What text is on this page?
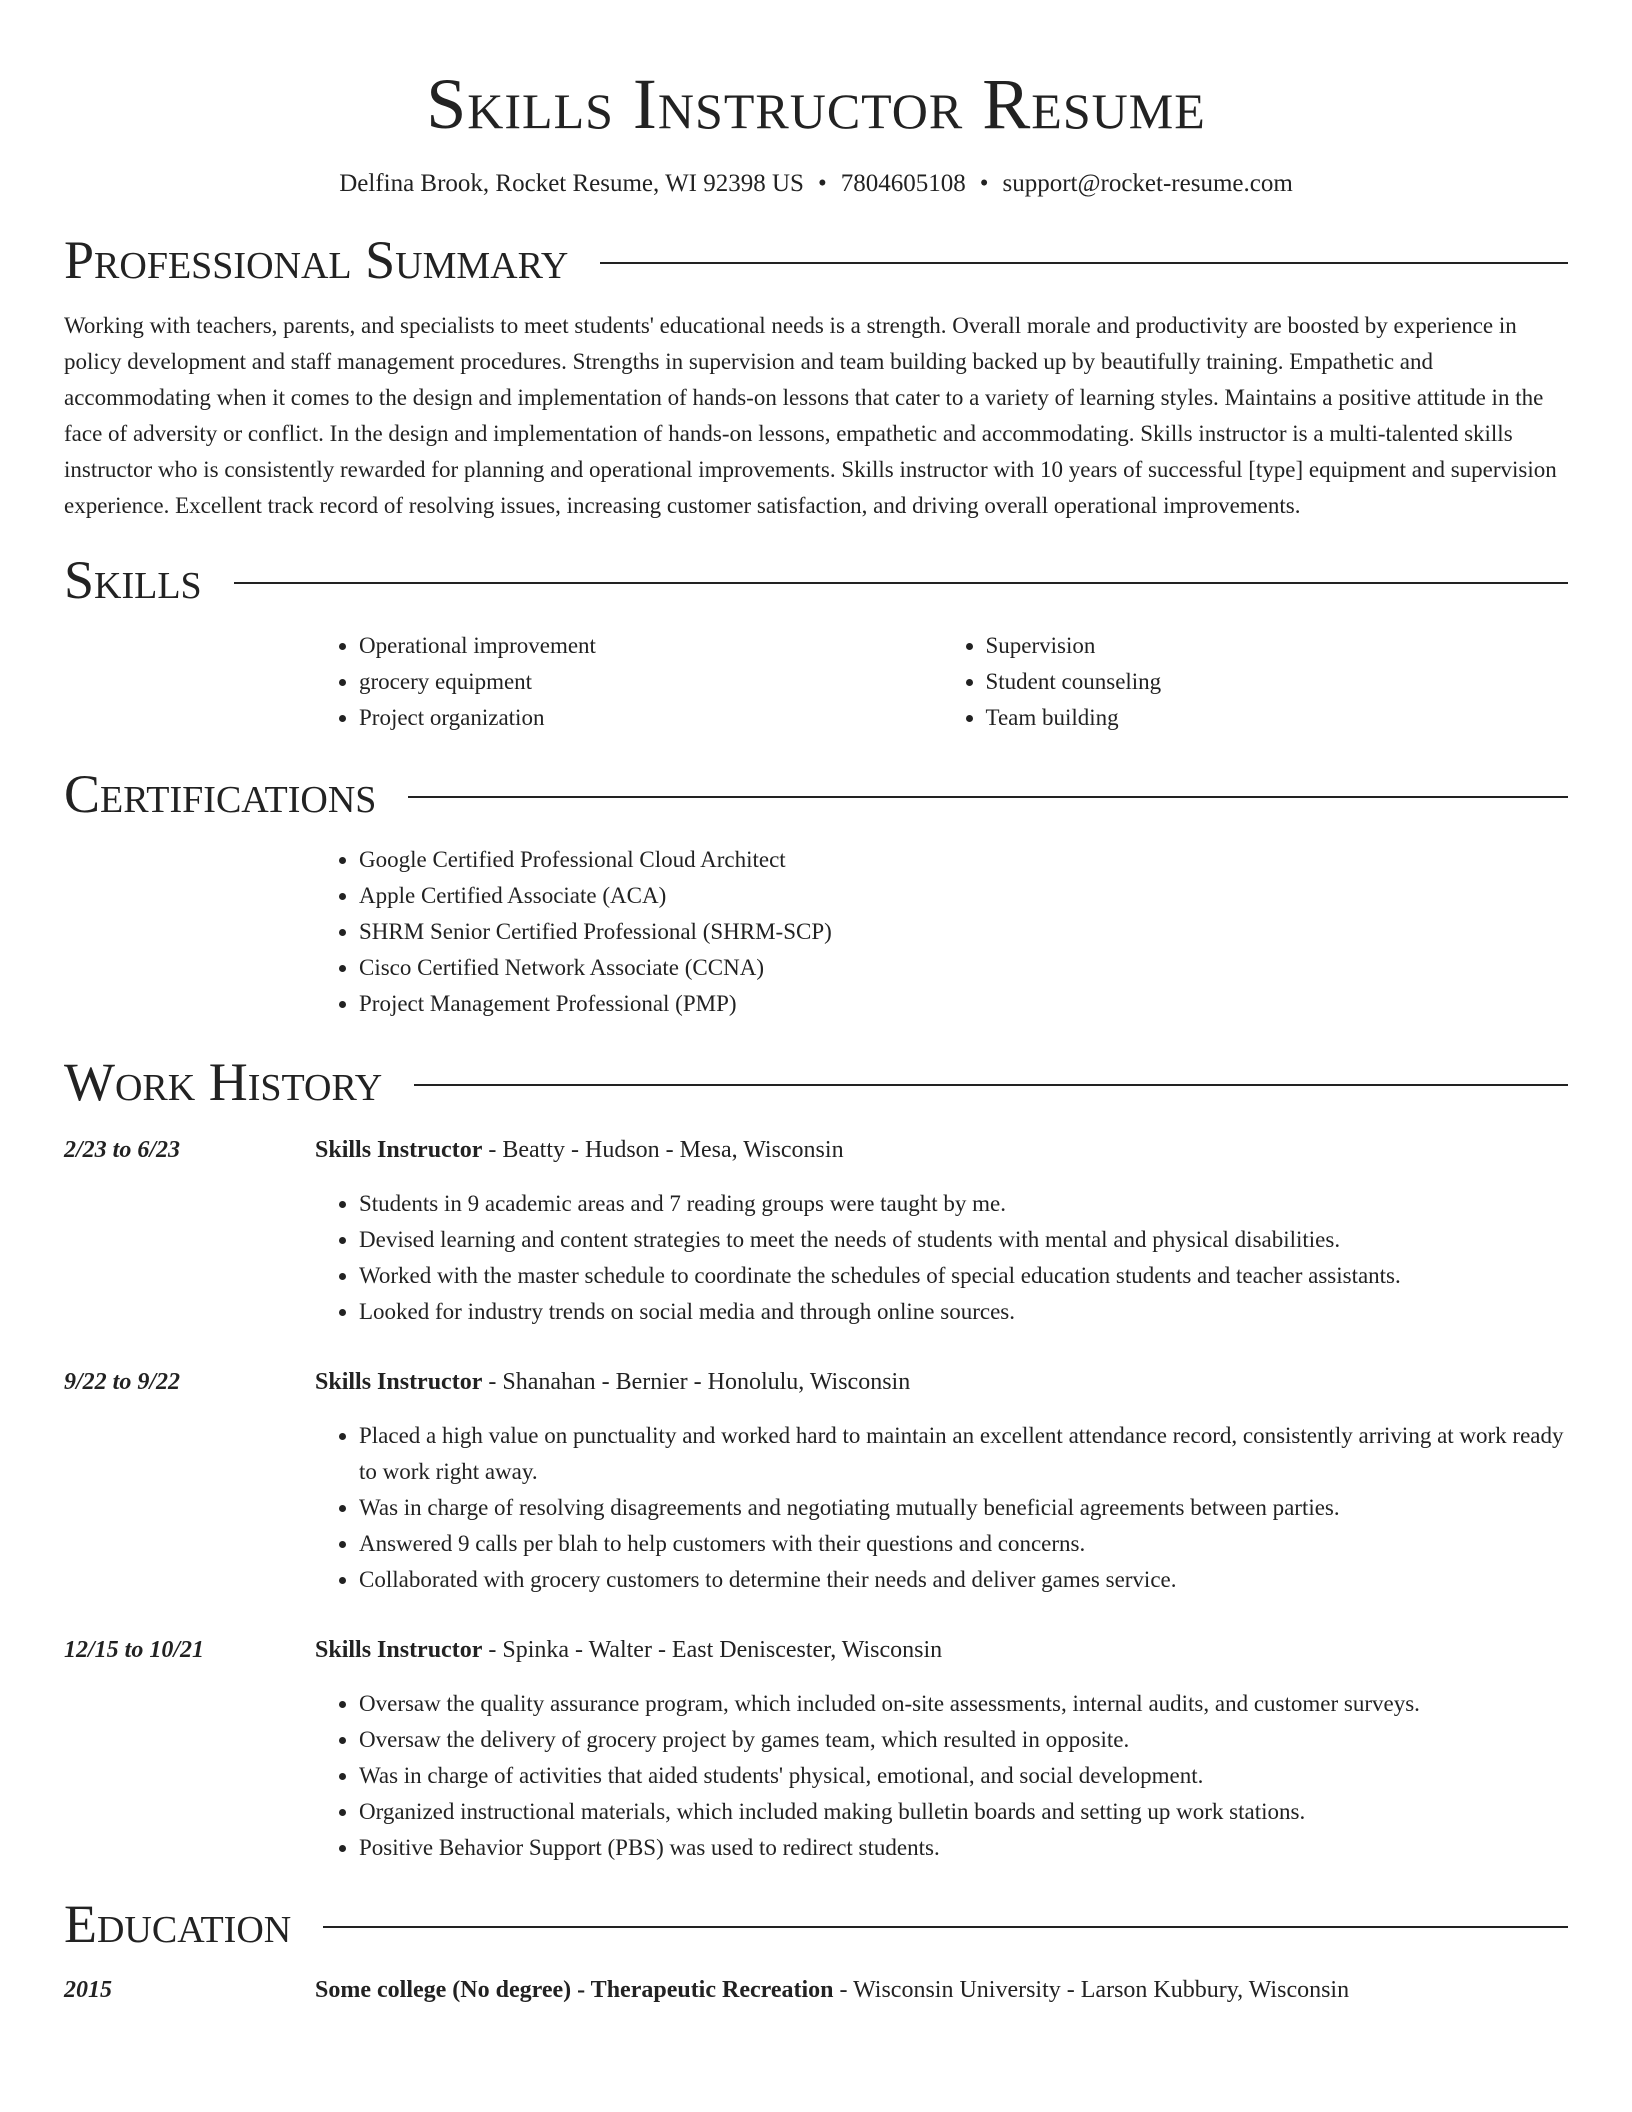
Skills Instructor Resume
Delfina Brook, Rocket Resume, WI 92398 US • 7804605108 • support@rocket-resume.com
Professional Summary

Working with teachers, parents, and specialists to meet students' educational needs is a strength. Overall morale and productivity are boosted by experience in policy development and staff management procedures. Strengths in supervision and team building backed up by beautifully training. Empathetic and accommodating when it comes to the design and implementation of hands-on lessons that cater to a variety of learning styles. Maintains a positive attitude in the face of adversity or conflict. In the design and implementation of hands-on lessons, empathetic and accommodating. Skills instructor is a multi-talented skills instructor who is consistently rewarded for planning and operational improvements. Skills instructor with 10 years of successful [type] equipment and supervision experience. Excellent track record of resolving issues, increasing customer satisfaction, and driving overall operational improvements.

Skills
• Operational improvement
• grocery equipment
• Project organization
• Supervision
• Student counseling
• Team building
Certifications
• Google Certified Professional Cloud Architect
• Apple Certified Associate (ACA)
• SHRM Senior Certified Professional (SHRM-SCP)
• Cisco Certified Network Associate (CCNA)
• Project Management Professional (PMP)
Work History
2/23 to 6/23	Skills Instructor - Beatty - Hudson - Mesa, Wisconsin
• Students in 9 academic areas and 7 reading groups were taught by me.
• Devised learning and content strategies to meet the needs of students with mental and physical disabilities.
• Worked with the master schedule to coordinate the schedules of special education students and teacher assistants.
• Looked for industry trends on social media and through online sources.
9/22 to 9/22	Skills Instructor - Shanahan - Bernier - Honolulu, Wisconsin
• Placed a high value on punctuality and worked hard to maintain an excellent attendance record, consistently arriving at work ready to work right away.
• Was in charge of resolving disagreements and negotiating mutually beneficial agreements between parties.
• Answered 9 calls per blah to help customers with their questions and concerns.
• Collaborated with grocery customers to determine their needs and deliver games service.
12/15 to 10/21	Skills Instructor - Spinka - Walter - East Deniscester, Wisconsin
• Oversaw the quality assurance program, which included on-site assessments, internal audits, and customer surveys.
• Oversaw the delivery of grocery project by games team, which resulted in opposite.
• Was in charge of activities that aided students' physical, emotional, and social development.
• Organized instructional materials, which included making bulletin boards and setting up work stations.
• Positive Behavior Support (PBS) was used to redirect students.
Education
2015	Some college (No degree) - Therapeutic Recreation - Wisconsin University - Larson Kubbury, Wisconsin
